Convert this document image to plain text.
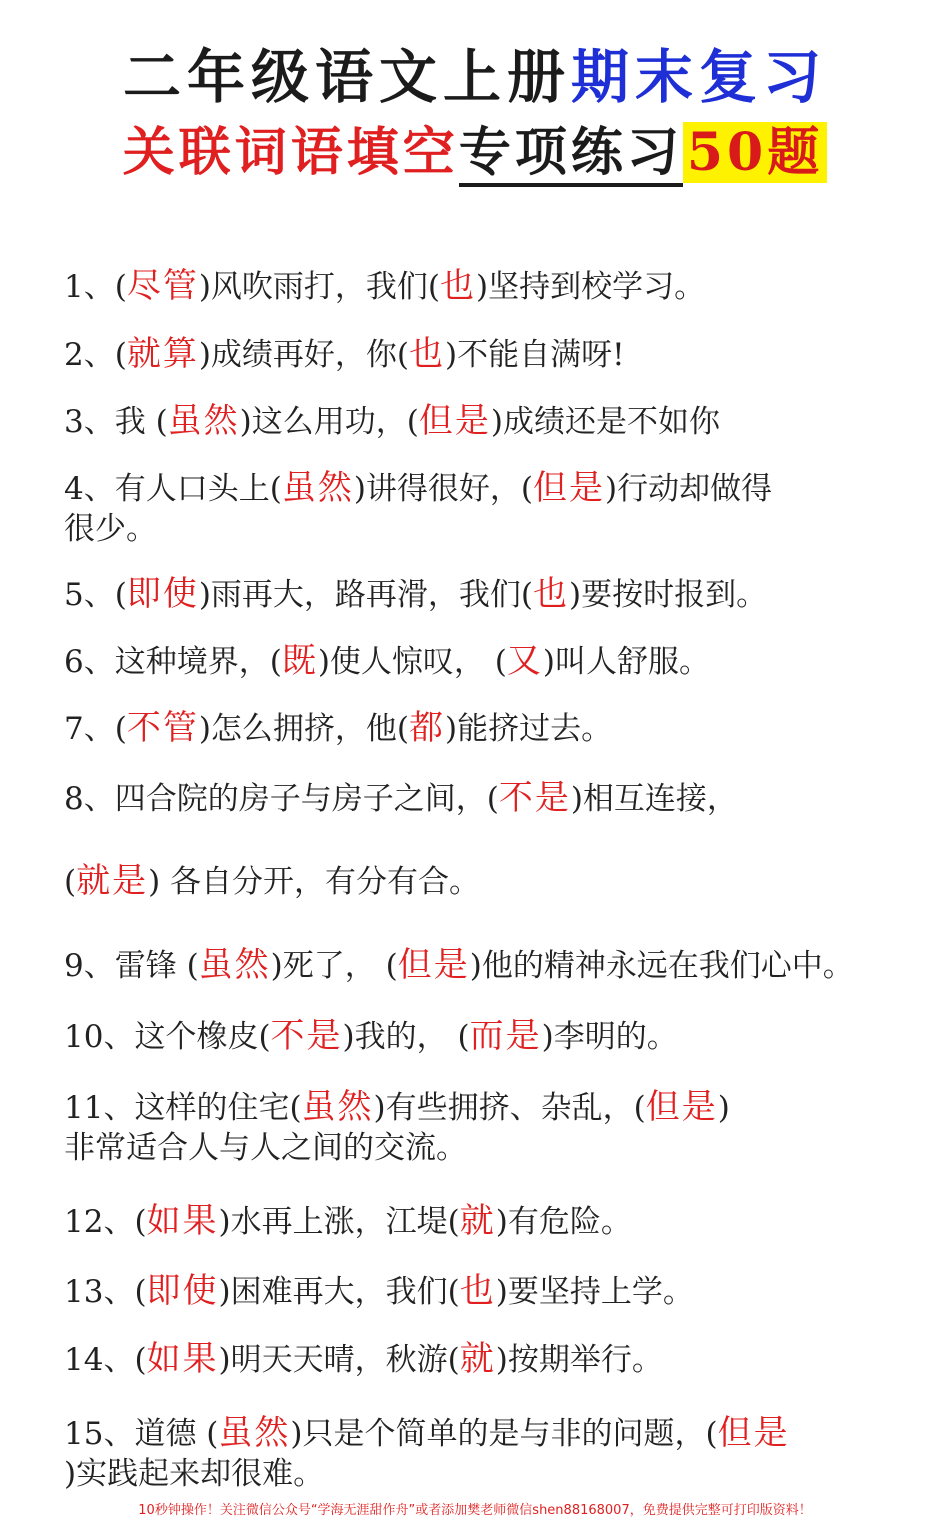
二年级语文上册期末复习
关联词语填空专项练习50题
1、(尽管)风吹雨打，我们(也)坚持到校学习。
2、(就算)成绩再好，你(也)不能自满呀!
3、我 (虽然)这么用功，(但是)成绩还是不如你
4、有人口头上(虽然)讲得很好，(但是)行动却做得
很少。
5、(即使)雨再大，路再滑，我们(也)要按时报到。
6、这种境界，(既)使人惊叹， (又)叫人舒服。
7、(不管)怎么拥挤，他(都)能挤过去。
8、四合院的房子与房子之间，(不是)相互连接，
(就是) 各自分开，有分有合。
9、雷锋 (虽然)死了， (但是)他的精神永远在我们心中。
10、这个橡皮(不是)我的， (而是)李明的。
11、这样的住宅(虽然)有些拥挤、杂乱，(但是)
非常适合人与人之间的交流。
12、(如果)水再上涨，江堤(就)有危险。
13、(即使)困难再大，我们(也)要坚持上学。
14、(如果)明天天晴，秋游(就)按期举行。
15、道德 (虽然)只是个简单的是与非的问题，(但是
)实践起来却很难。
10秒钟操作！关注微信公众号“学海无涯甜作舟”或者添加樊老师微信shen88168007，免费提供完整可打印版资料！
